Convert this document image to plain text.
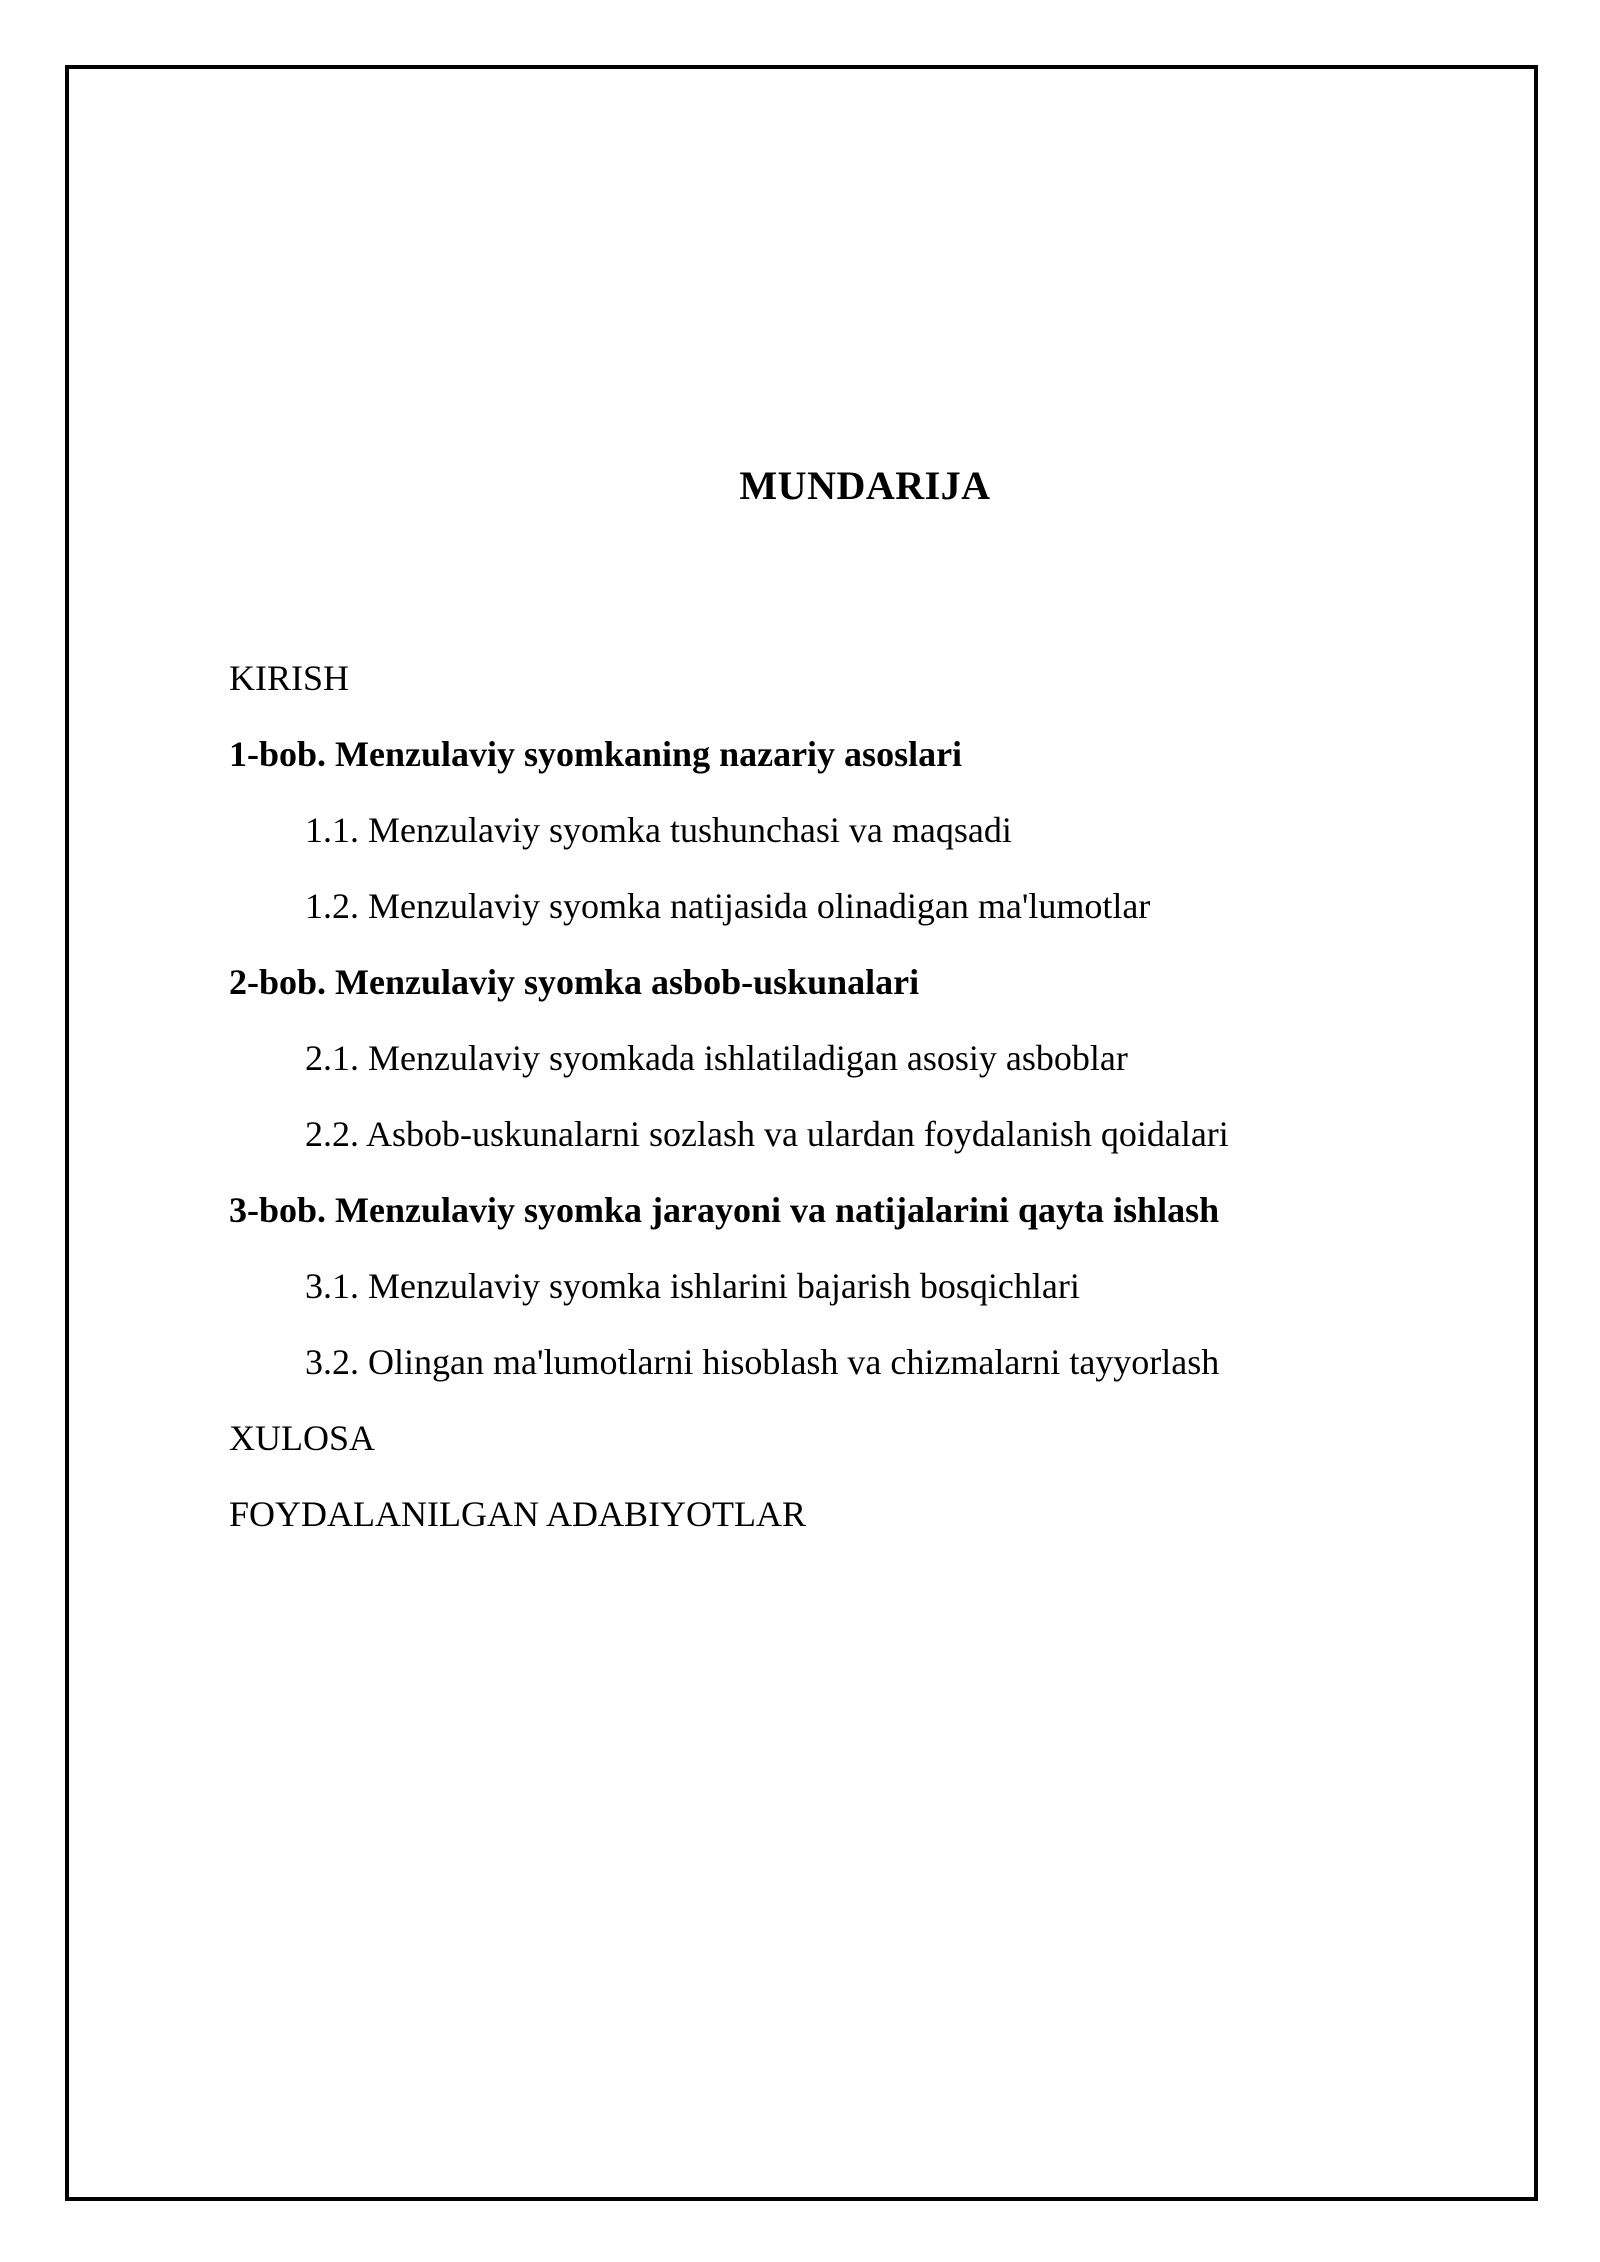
MUNDARIJA
KIRISH
1-bob. Menzulaviy syomkaning nazariy asoslari
1.1. Menzulaviy syomka tushunchasi va maqsadi
1.2. Menzulaviy syomka natijasida olinadigan ma'lumotlar
2-bob. Menzulaviy syomka asbob-uskunalari
2.1. Menzulaviy syomkada ishlatiladigan asosiy asboblar
2.2. Asbob-uskunalarni sozlash va ulardan foydalanish qoidalari
3-bob. Menzulaviy syomka jarayoni va natijalarini qayta ishlash
3.1. Menzulaviy syomka ishlarini bajarish bosqichlari
3.2. Olingan ma'lumotlarni hisoblash va chizmalarni tayyorlash
XULOSA
FOYDALANILGAN ADABIYOTLAR
